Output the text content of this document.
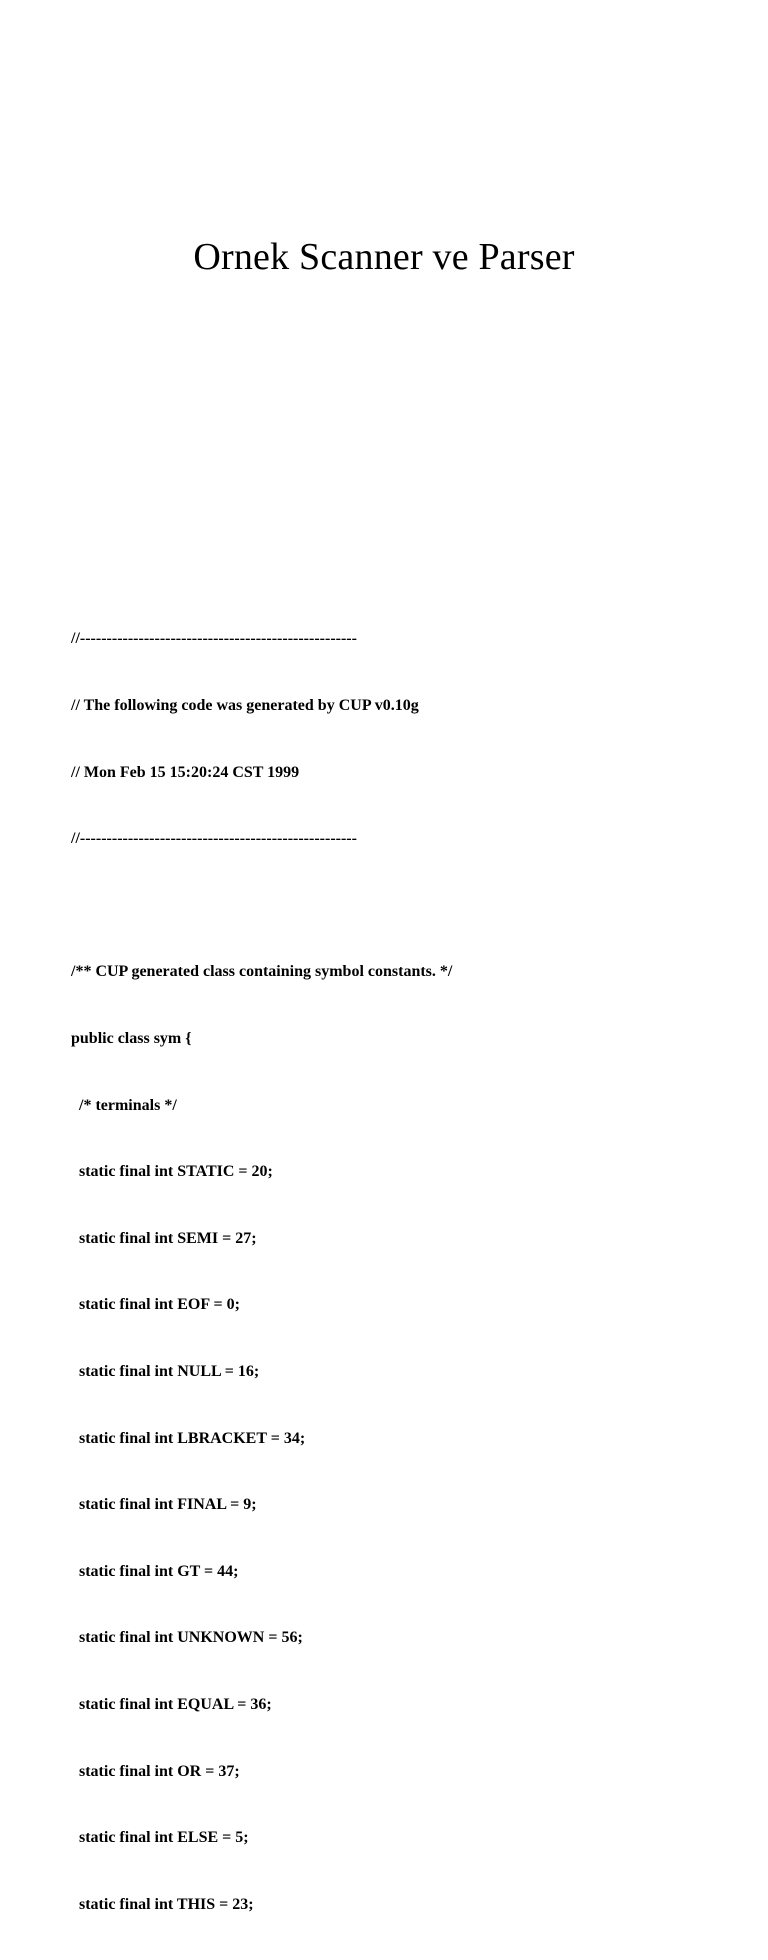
Ornek Scanner ve Parser

//----------------------------------------------------

// The following code was generated by CUP v0.10g

// Mon Feb 15 15:20:24 CST 1999

//----------------------------------------------------

/** CUP generated class containing symbol constants. */

public class sym {

/* terminals */

static final int STATIC = 20;

static final int SEMI = 27;

static final int EOF = 0;

static final int NULL = 16;

static final int LBRACKET = 34;

static final int FINAL = 9;

static final int GT = 44;

static final int UNKNOWN = 56;

static final int EQUAL = 36;

static final int OR = 37;

static final int ELSE = 5;

static final int THIS = 23;
